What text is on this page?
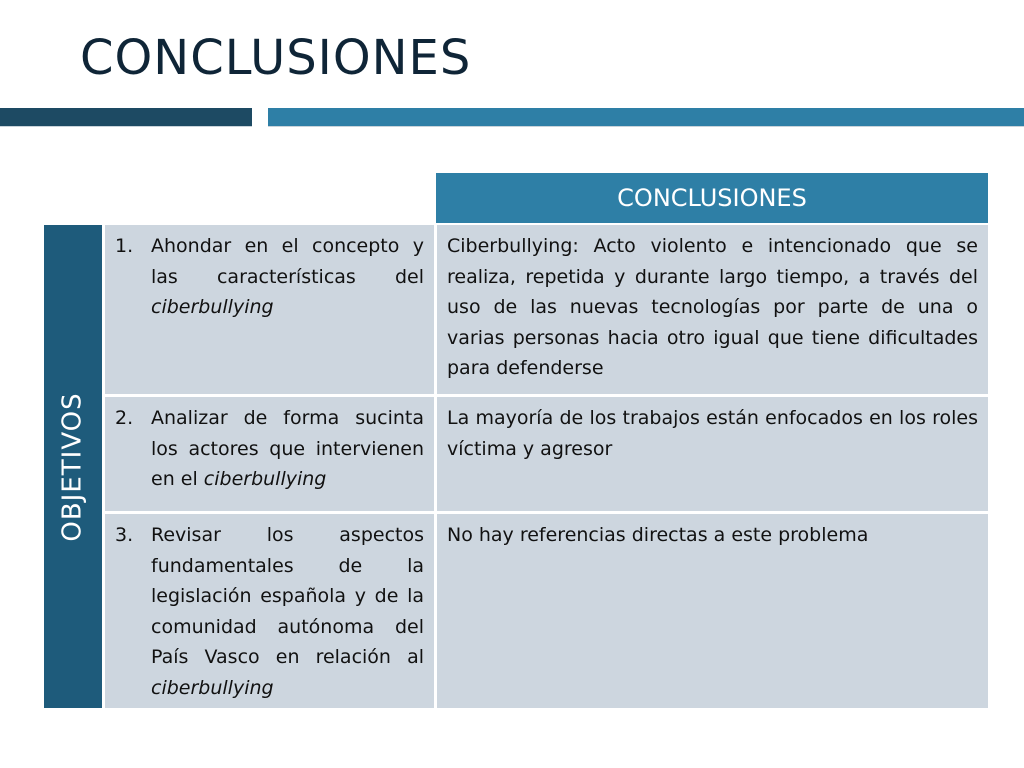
CONCLUSIONES
CONCLUSIONES
OBJETIVOS
1. Ahondar en el concepto y las características del ciberbullying
Ciberbullying: Acto violento e intencionado que se realiza, repetida y durante largo tiempo, a través del uso de las nuevas tecnologías por parte de una o varias personas hacia otro igual que tiene dificultades para defenderse
2. Analizar de forma sucinta los actores que intervienen en el ciberbullying
La mayoría de los trabajos están enfocados en los roles víctima y agresor
3. Revisar los aspectos fundamentales de la legislación española y de la comunidad autónoma del País Vasco en relación al ciberbullying
No hay referencias directas a este problema
